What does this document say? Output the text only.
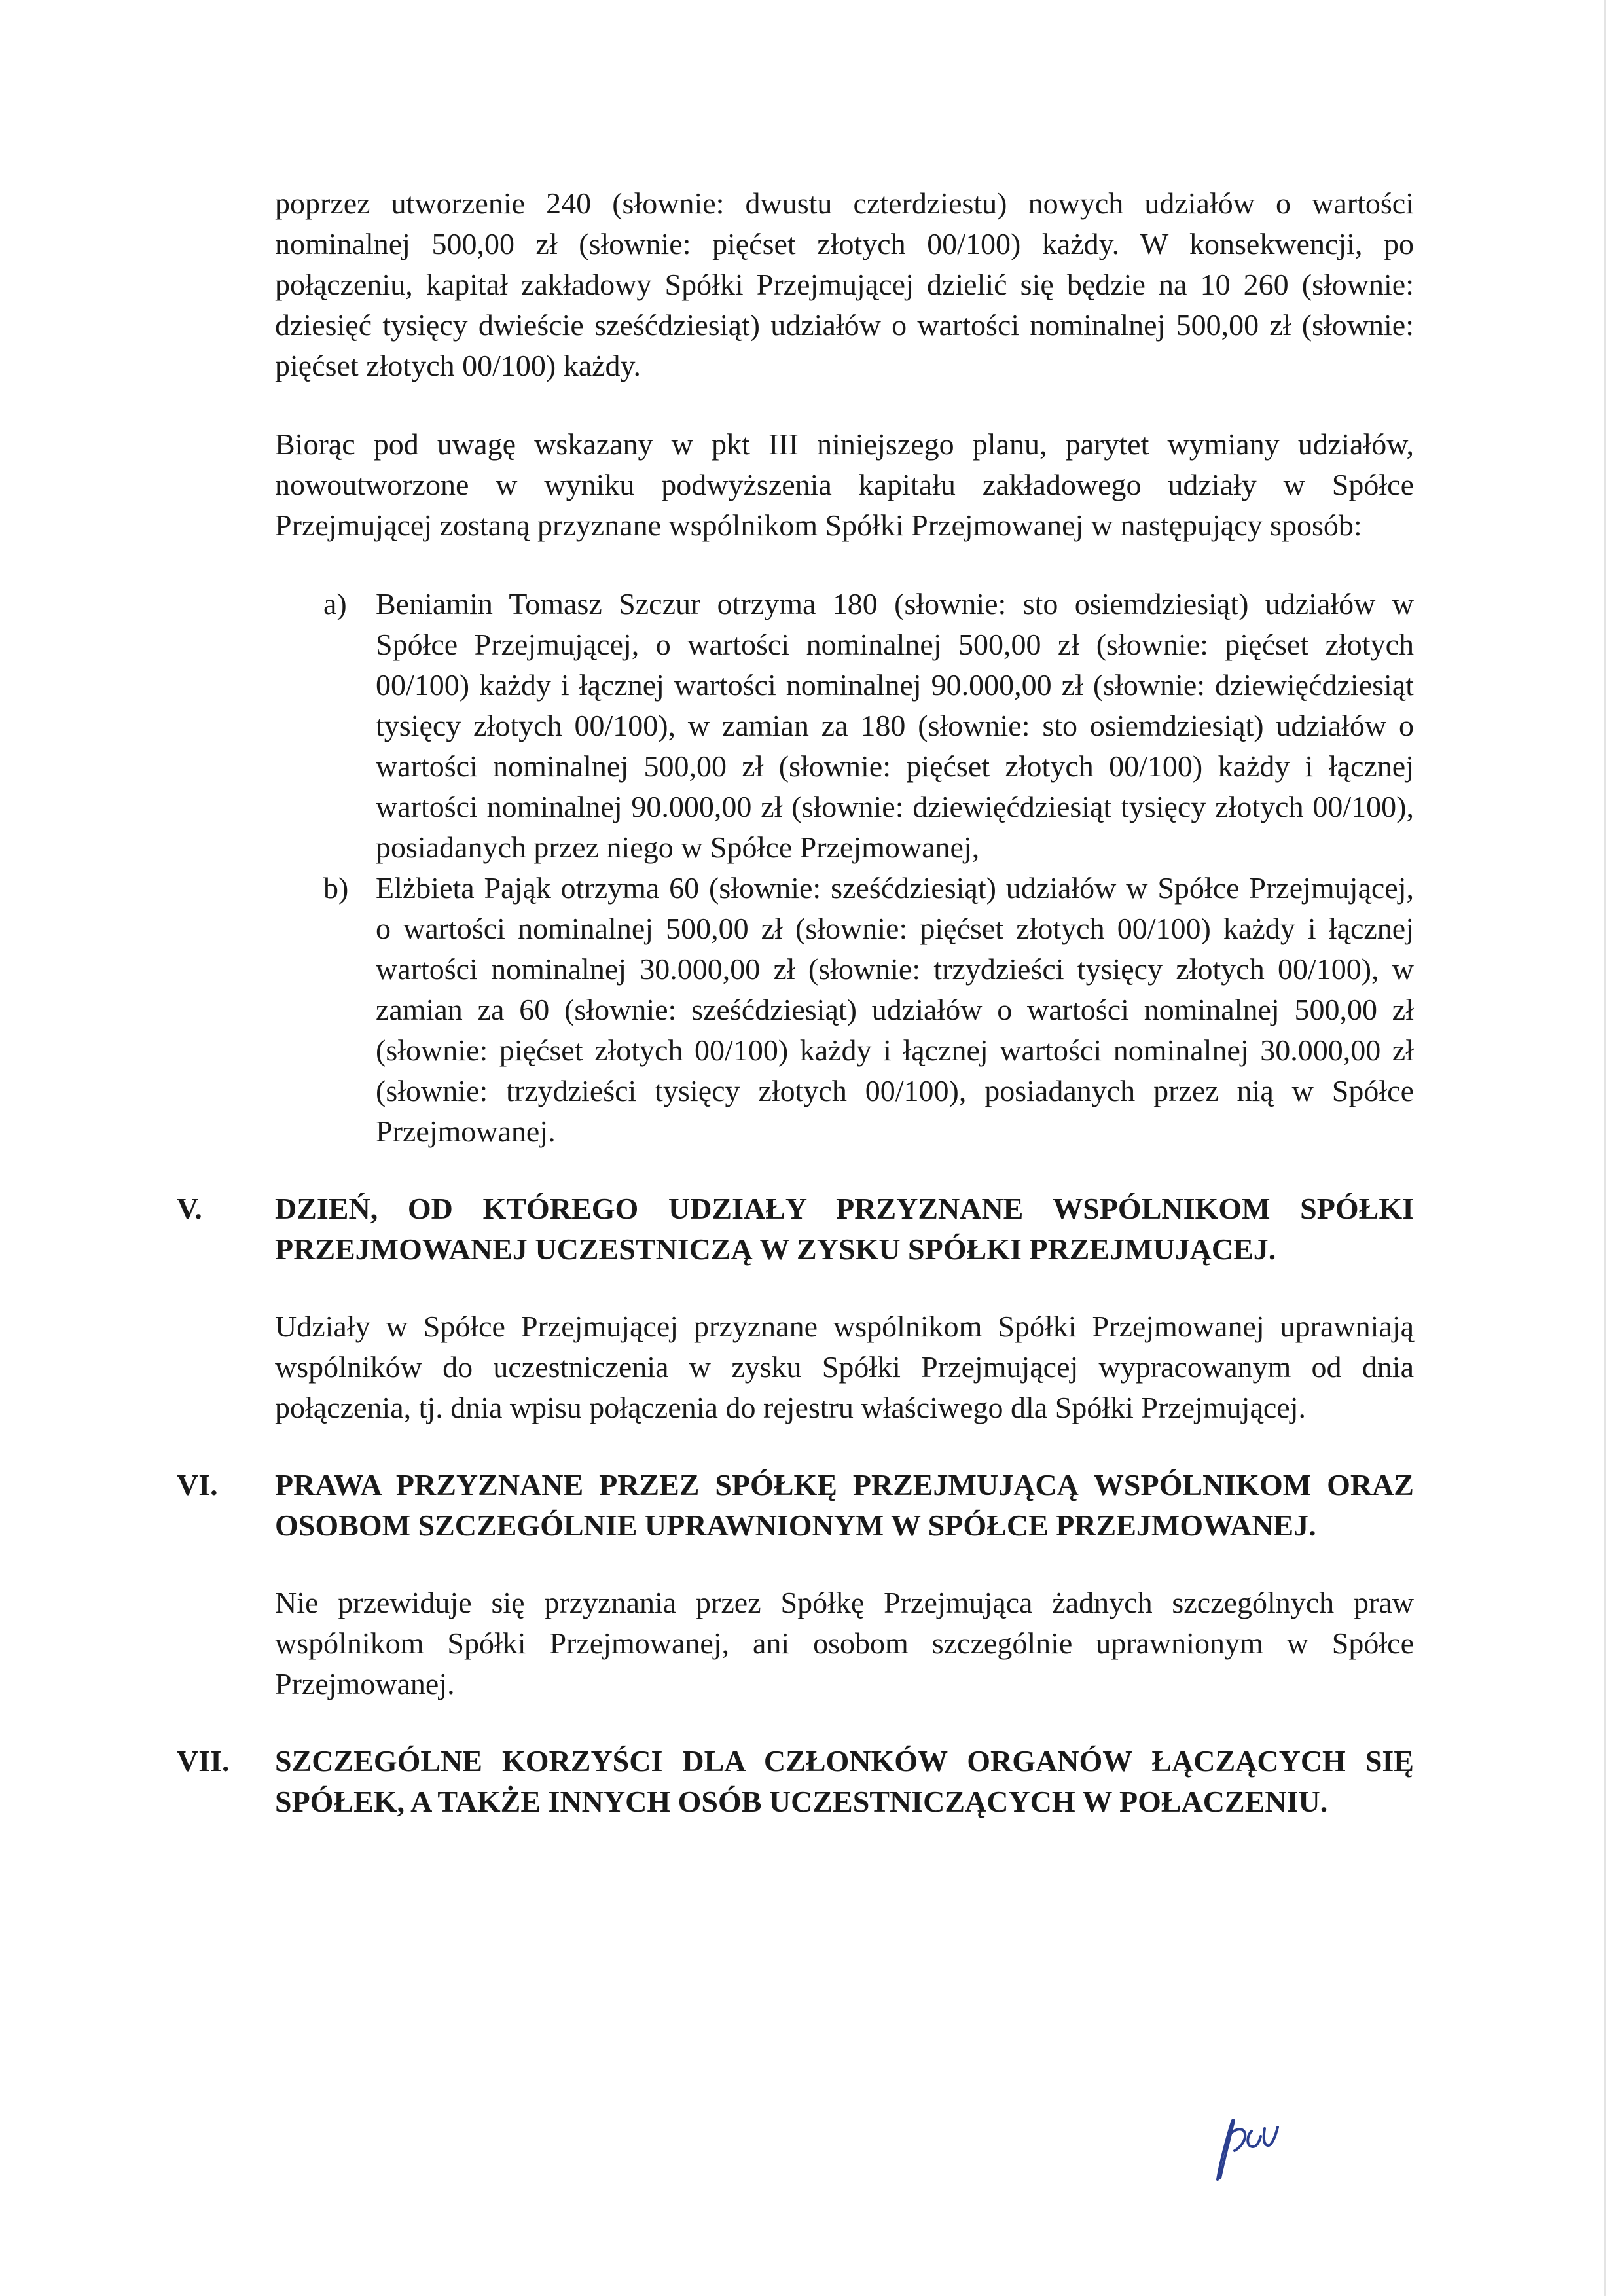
poprzez utworzenie 240 (słownie: dwustu czterdziestu) nowych udziałów o wartości nominalnej 500,00 zł (słownie: pięćset złotych 00/100) każdy. W konsekwencji, po połączeniu, kapitał zakładowy Spółki Przejmującej dzielić się będzie na 10 260 (słownie: dziesięć tysięcy dwieście sześćdziesiąt) udziałów o wartości nominalnej 500,00 zł (słownie: pięćset złotych 00/100) każdy.

Biorąc pod uwagę wskazany w pkt III niniejszego planu, parytet wymiany udziałów, nowoutworzone w wyniku podwyższenia kapitału zakładowego udziały w Spółce Przejmującej zostaną przyznane wspólnikom Spółki Przejmowanej w następujący sposób:

a) Beniamin Tomasz Szczur otrzyma 180 (słownie: sto osiemdziesiąt) udziałów w Spółce Przejmującej, o wartości nominalnej 500,00 zł (słownie: pięćset złotych 00/100) każdy i łącznej wartości nominalnej 90.000,00 zł (słownie: dziewięćdziesiąt tysięcy złotych 00/100), w zamian za 180 (słownie: sto osiemdziesiąt) udziałów o wartości nominalnej 500,00 zł (słownie: pięćset złotych 00/100) każdy i łącznej wartości nominalnej 90.000,00 zł (słownie: dziewięćdziesiąt tysięcy złotych 00/100), posiadanych przez niego w Spółce Przejmowanej,
b) Elżbieta Pająk otrzyma 60 (słownie: sześćdziesiąt) udziałów w Spółce Przejmującej, o wartości nominalnej 500,00 zł (słownie: pięćset złotych 00/100) każdy i łącznej wartości nominalnej 30.000,00 zł (słownie: trzydzieści tysięcy złotych 00/100), w zamian za 60 (słownie: sześćdziesiąt) udziałów o wartości nominalnej 500,00 zł (słownie: pięćset złotych 00/100) każdy i łącznej wartości nominalnej 30.000,00 zł (słownie: trzydzieści tysięcy złotych 00/100), posiadanych przez nią w Spółce Przejmowanej.
V. DZIEŃ, OD KTÓREGO UDZIAŁY PRZYZNANE WSPÓLNIKOM SPÓŁKI PRZEJMOWANEJ UCZESTNICZĄ W ZYSKU SPÓŁKI PRZEJMUJĄCEJ.

Udziały w Spółce Przejmującej przyznane wspólnikom Spółki Przejmowanej uprawniają wspólników do uczestniczenia w zysku Spółki Przejmującej wypracowanym od dnia połączenia, tj. dnia wpisu połączenia do rejestru właściwego dla Spółki Przejmującej.

VI. PRAWA PRZYZNANE PRZEZ SPÓŁKĘ PRZEJMUJĄCĄ WSPÓLNIKOM ORAZ OSOBOM SZCZEGÓLNIE UPRAWNIONYM W SPÓŁCE PRZEJMOWANEJ.

Nie przewiduje się przyznania przez Spółkę Przejmująca żadnych szczególnych praw wspólnikom Spółki Przejmowanej, ani osobom szczególnie uprawnionym w Spółce Przejmowanej.

VII. SZCZEGÓLNE KORZYŚCI DLA CZŁONKÓW ORGANÓW ŁĄCZĄCYCH SIĘ SPÓŁEK, A TAKŻE INNYCH OSÓB UCZESTNICZĄCYCH W POŁACZENIU.
